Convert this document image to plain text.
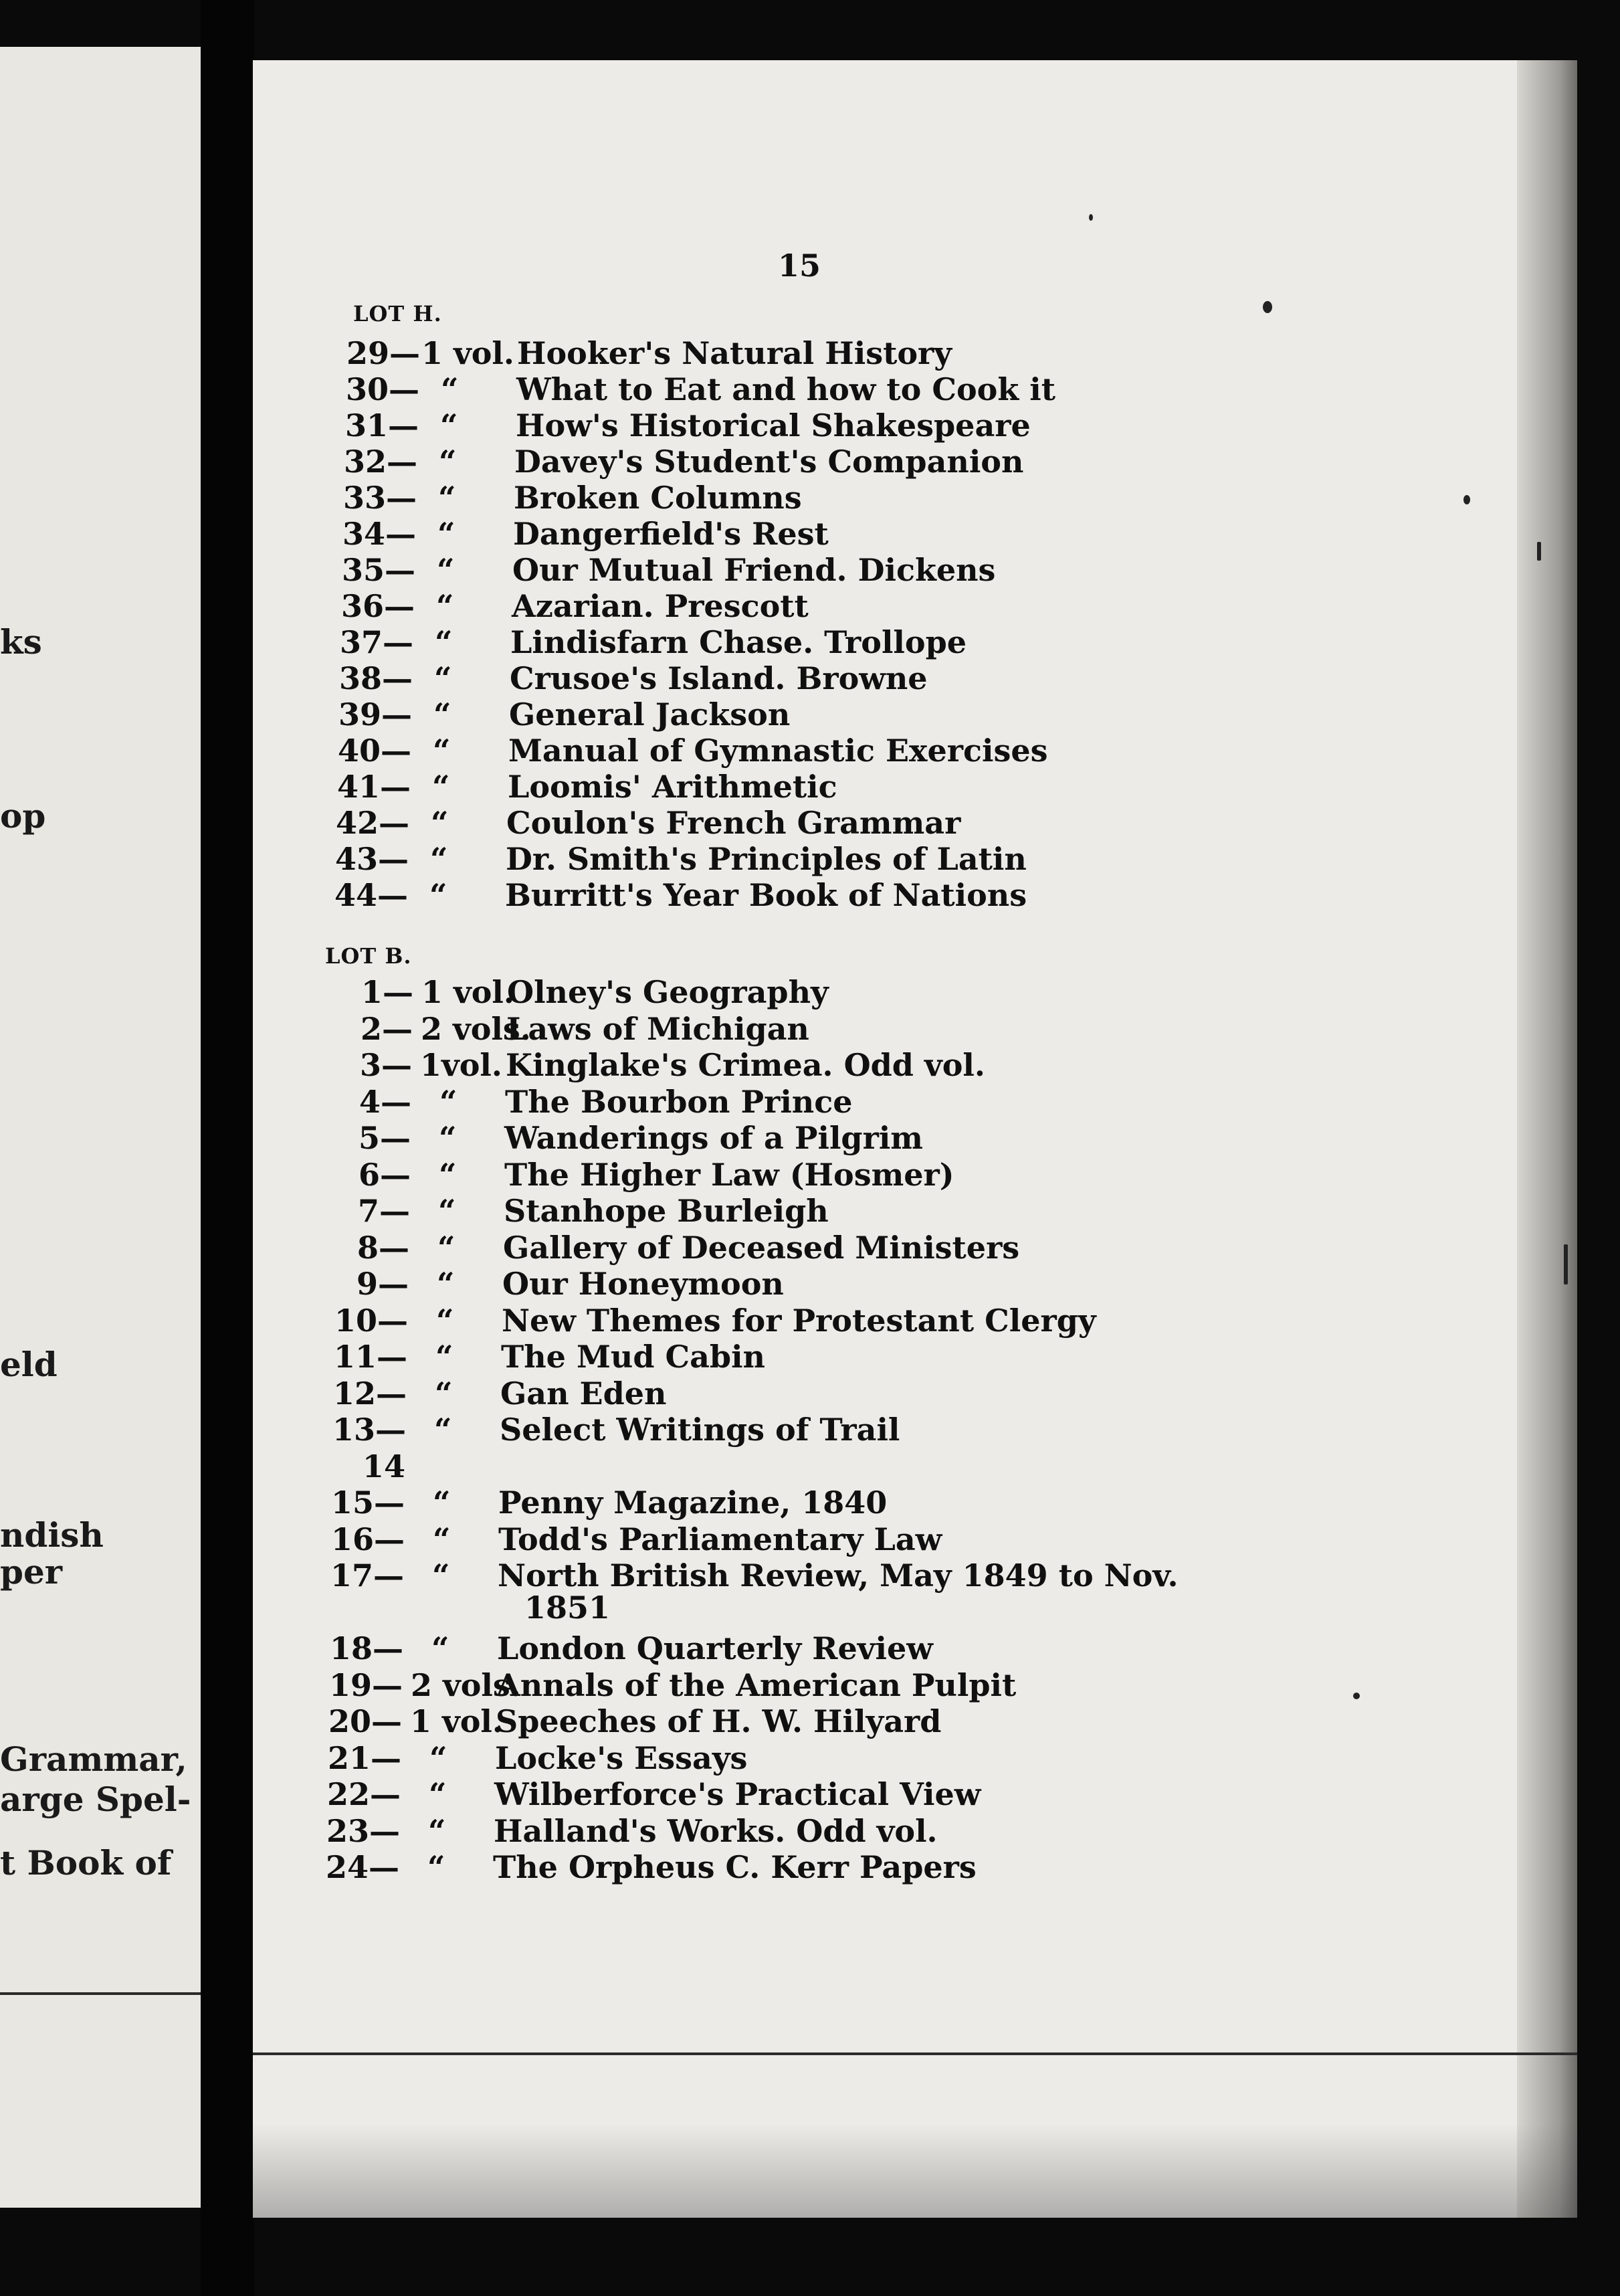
ks
op
eld
ndish
per
Grammar,
arge Spel-
t Book of
15
LOT H.
29— 1 vol. Hooker's Natural History
30— “ What to Eat and how to Cook it
31— “ How's Historical Shakespeare
32— “ Davey's Student's Companion
33— “ Broken Columns
34— “ Dangerfield's Rest
35— “ Our Mutual Friend. Dickens
36— “ Azarian. Prescott
37— “ Lindisfarn Chase. Trollope
38— “ Crusoe's Island. Browne
39— “ General Jackson
40— “ Manual of Gymnastic Exercises
41— “ Loomis' Arithmetic
42— “ Coulon's French Grammar
43— “ Dr. Smith's Principles of Latin
44— “ Burritt's Year Book of Nations
LOT B.
1— 1 vol.
Olney's Geography
2— 2 vols.
Laws of Michigan
3— 1vol. Kinglake's Crimea. Odd vol.
4— “ The Bourbon Prince
5— “ Wanderings of a Pilgrim
6— “ The Higher Law (Hosmer)
7— “ Stanhope Burleigh
8— “ Gallery of Deceased Ministers
9— “ Our Honeymoon
10— “ New Themes for Protestant Clergy
11— “ The Mud Cabin
12— “ Gan Eden
13— “ Select Writings of Trail
14
15— “ Penny Magazine, 1840
16— “ Todd's Parliamentary Law
17— “ North British Review, May 1849 to Nov.
1851
18— “ London Quarterly Review
19— 2 vols.
Annals of the American Pulpit
20— 1 vol.
Speeches of H. W. Hilyard
21— “ Locke's Essays
22— “ Wilberforce's Practical View
23— “ Halland's Works. Odd vol.
24— “ The Orpheus C. Kerr Papers
